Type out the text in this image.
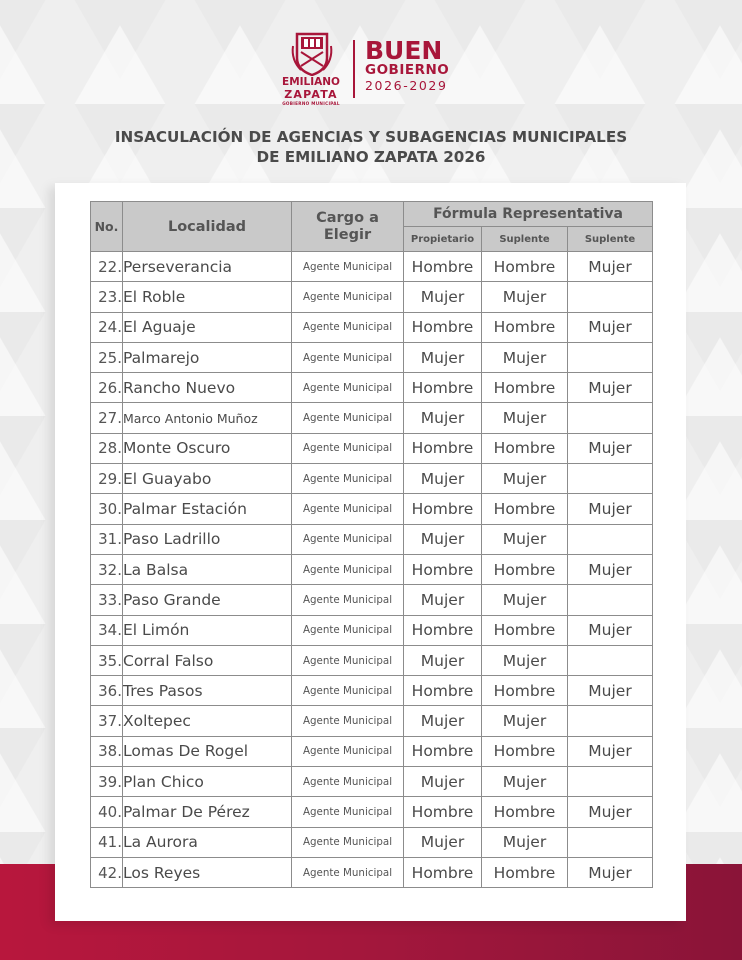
EMILIANO
ZAPATA
GOBIERNO MUNICIPAL
BUEN
GOBIERNO
2026-2029
INSACULACIÓN DE AGENCIAS Y SUBAGENCIAS MUNICIPALES
DE EMILIANO ZAPATA 2026
No.	Localidad	Cargo a Elegir	Fórmula Representativa		
			Propietario	Suplente	Suplente
22.	Perseverancia	Agente Municipal	Hombre	Hombre	Mujer
23.	El Roble	Agente Municipal	Mujer	Mujer	
24.	El Aguaje	Agente Municipal	Hombre	Hombre	Mujer
25.	Palmarejo	Agente Municipal	Mujer	Mujer	
26.	Rancho Nuevo	Agente Municipal	Hombre	Hombre	Mujer
27.	Marco Antonio Muñoz	Agente Municipal	Mujer	Mujer	
28.	Monte Oscuro	Agente Municipal	Hombre	Hombre	Mujer
29.	El Guayabo	Agente Municipal	Mujer	Mujer	
30.	Palmar Estación	Agente Municipal	Hombre	Hombre	Mujer
31.	Paso Ladrillo	Agente Municipal	Mujer	Mujer	
32.	La Balsa	Agente Municipal	Hombre	Hombre	Mujer
33.	Paso Grande	Agente Municipal	Mujer	Mujer	
34.	El Limón	Agente Municipal	Hombre	Hombre	Mujer
35.	Corral Falso	Agente Municipal	Mujer	Mujer	
36.	Tres Pasos	Agente Municipal	Hombre	Hombre	Mujer
37.	Xoltepec	Agente Municipal	Mujer	Mujer	
38.	Lomas De Rogel	Agente Municipal	Hombre	Hombre	Mujer
39.	Plan Chico	Agente Municipal	Mujer	Mujer	
40.	Palmar De Pérez	Agente Municipal	Hombre	Hombre	Mujer
41.	La Aurora	Agente Municipal	Mujer	Mujer	
42.	Los Reyes	Agente Municipal	Hombre	Hombre	Mujer
